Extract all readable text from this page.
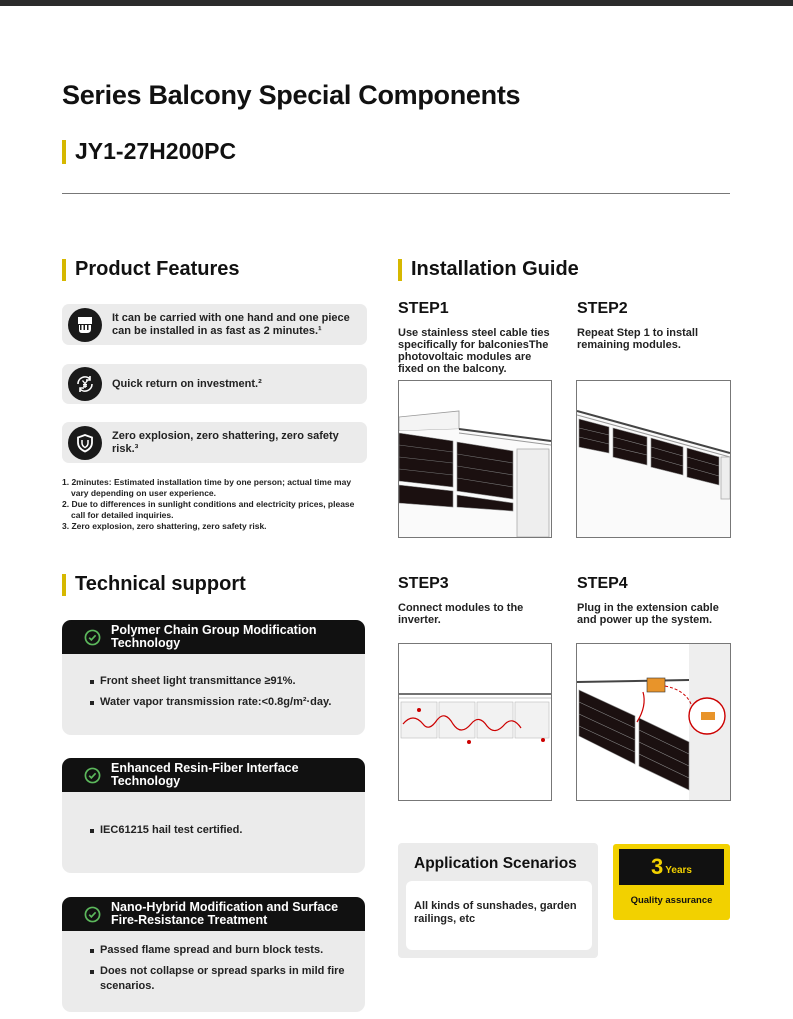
Series Balcony Special Components
JY1-27H200PC
Product Features
It can be carried with one hand and one piece can be installed in as fast as 2 minutes.¹
Quick return on investment.²
Zero explosion, zero shattering, zero safety risk.³
1. 2minutes: Estimated installation time by one person; actual time may vary depending on user experience.
2. Due to differences in sunlight conditions and electricity prices, please call for detailed inquiries.
3. Zero explosion, zero shattering, zero safety risk.
Technical support
Polymer Chain Group Modification Technology
Front sheet light transmittance ≥91%.
Water vapor transmission rate:<0.8g/m²·day.
Enhanced Resin-Fiber Interface Technology
IEC61215 hail test certified.
Nano-Hybrid Modification and Surface Fire-Resistance Treatment
Passed flame spread and burn block tests.
Does not collapse or spread sparks in mild fire scenarios.
Installation Guide
STEP1
Use stainless steel cable ties specifically for balconiesThe photovoltaic modules are fixed on the balcony.
STEP2
Repeat Step 1 to install remaining modules.
STEP3
Connect modules to the inverter.
STEP4
Plug in the extension cable and power up the system.
Application Scenarios
All kinds of sunshades, garden railings, etc
3 Years
Quality assurance
